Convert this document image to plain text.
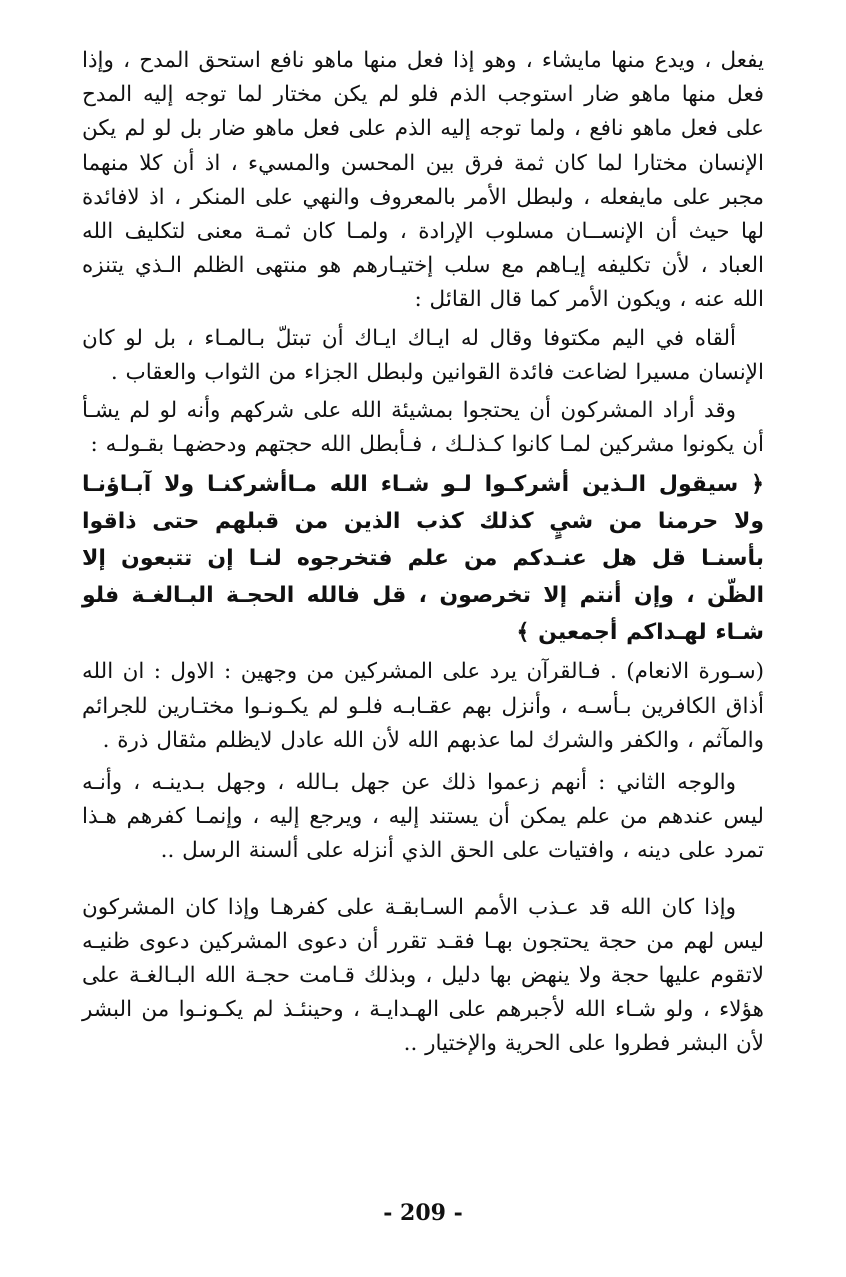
يفعل ، ويدع منها مايشاء ، وهو إذا فعل منها ماهو نافع استحق المدح ، وإذا فعل منها ماهو ضار استوجب الذم فلو لم يكن مختار لما توجه إليه المدح على فعل ماهو نافع ، ولما توجه إليه الذم على فعل ماهو ضار بل لو لم يكن الإنسان مختارا لما كان ثمة فرق بين المحسن والمسيء ، اذ أن كلا منهما مجبر على مايفعله ، ولبطل الأمر بالمعروف والنهي على المنكر ، اذ لافائدة لها حيث أن الإنســان مسلوب الإرادة ، ولمـا كان ثمـة معنى لتكليف الله العباد ، لأن تكليفه إيـاهم مع سلب إختيـارهم هو منتهى الظلم الـذي يتنزه الله عنه ، ويكون الأمر كما قال القائل :

ألقاه في اليم مكتوفا وقال له ايـاك ايـاك أن تبتلّ بـالمـاء ، بل لو كان الإنسان مسيرا لضاعت فائدة القوانين ولبطل الجزاء من الثواب والعقاب .

وقد أراد المشركون أن يحتجوا بمشيئة الله على شركهم وأنه لو لم يشـأ أن يكونوا مشركين لمـا كانوا كـذلـك ، فـأبطل الله حجتهم ودحضهـا بقـولـه :

﴿ سيقول الـذين أشركـوا لـو شـاء الله مـاأشركنـا ولا آبـاؤنـا ولا حرمنا من شيٍ كذلك كذب الذين من قبلهم حتى ذاقوا بأسنـا قل هل عنـدكم من علم فتخرجوه لنـا إن تتبعون إلا الظّن ، وإن أنتم إلا تخرصون ، قل فالله الحجـة البـالغـة فلو شـاء لهـداكم أجمعين ﴾

(سـورة الانعام) . فـالقرآن يرد على المشركين من وجهين : الاول : ان الله أذاق الكافرين بـأسـه ، وأنزل بهم عقـابـه فلـو لم يكـونـوا مختـارين للجرائم والمآثم ، والكفر والشرك لما عذبهم الله لأن الله عادل لايظلم مثقال ذرة .

والوجه الثاني : أنهم زعموا ذلك عن جهل بـالله ، وجهل بـدينـه ، وأنـه ليس عندهم من علم يمكن أن يستند إليه ، ويرجع إليه ، وإنمـا كفرهم هـذا تمرد على دينه ، وافتيات على الحق الذي أنزله على ألسنة الرسل ..

وإذا كان الله قد عـذب الأمم السـابقـة على كفرهـا وإذا كان المشركون ليس لهم من حجة يحتجون بهـا فقـد تقرر أن دعوى المشركين دعوى ظنيـه لاتقوم عليها حجة ولا ينهض بها دليل ، وبذلك قـامت حجـة الله البـالغـة على هؤلاء ، ولو شـاء الله لأجبرهم على الهـدايـة ، وحينئـذ لم يكـونـوا من البشر لأن البشر فطروا على الحرية والإختيار ..

- 209 -
